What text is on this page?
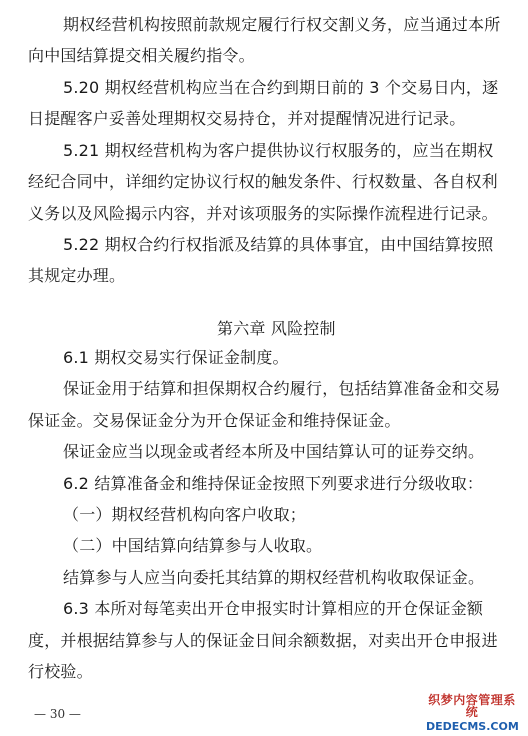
期权经营机构按照前款规定履行行权交割义务，应当通过本所
向中国结算提交相关履约指令。
5.20 期权经营机构应当在合约到期日前的 3 个交易日内，逐
日提醒客户妥善处理期权交易持仓，并对提醒情况进行记录。
5.21 期权经营机构为客户提供协议行权服务的，应当在期权
经纪合同中，详细约定协议行权的触发条件、行权数量、各自权利
义务以及风险揭示内容，并对该项服务的实际操作流程进行记录。
5.22 期权合约行权指派及结算的具体事宜，由中国结算按照
其规定办理。
第六章 风险控制
6.1 期权交易实行保证金制度。
保证金用于结算和担保期权合约履行，包括结算准备金和交易
保证金。交易保证金分为开仓保证金和维持保证金。
保证金应当以现金或者经本所及中国结算认可的证券交纳。
6.2 结算准备金和维持保证金按照下列要求进行分级收取：
（一）期权经营机构向客户收取；
（二）中国结算向结算参与人收取。
结算参与人应当向委托其结算的期权经营机构收取保证金。
6.3 本所对每笔卖出开仓申报实时计算相应的开仓保证金额
度，并根据结算参与人的保证金日间余额数据，对卖出开仓申报进
行校验。
— 30 —
织梦内容管理系统
DEDECMS.COM
